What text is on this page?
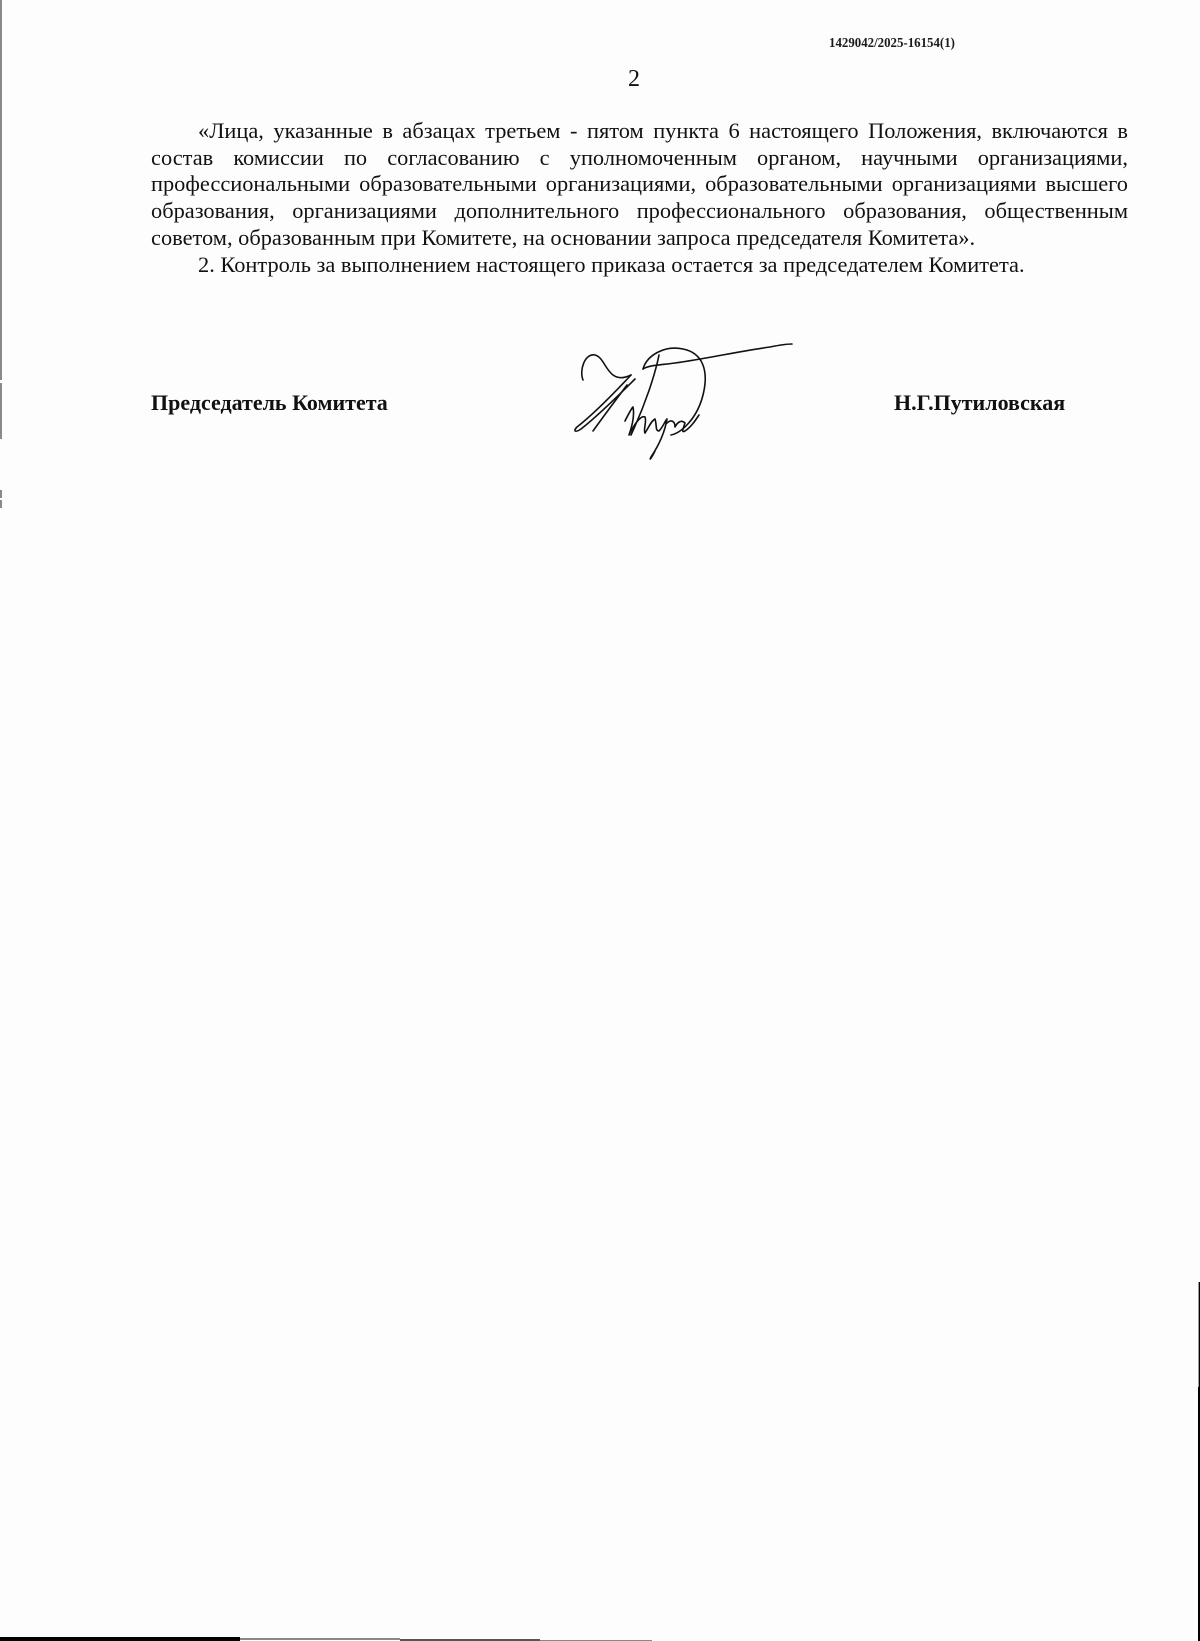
1429042/2025-16154(1)
2

«Лица, указанные в абзацах третьем - пятом пункта 6 настоящего Положения, включаются в состав комиссии по согласованию с уполномоченным органом, научными организациями, профессиональными образовательными организациями, образовательными организациями высшего образования, организациями дополнительного профессионального образования, общественным советом, образованным при Комитете, на основании запроса председателя Комитета».

2. Контроль за выполнением настоящего приказа остается за председателем Комитета.

Председатель Комитета	Н.Г.Путиловская
